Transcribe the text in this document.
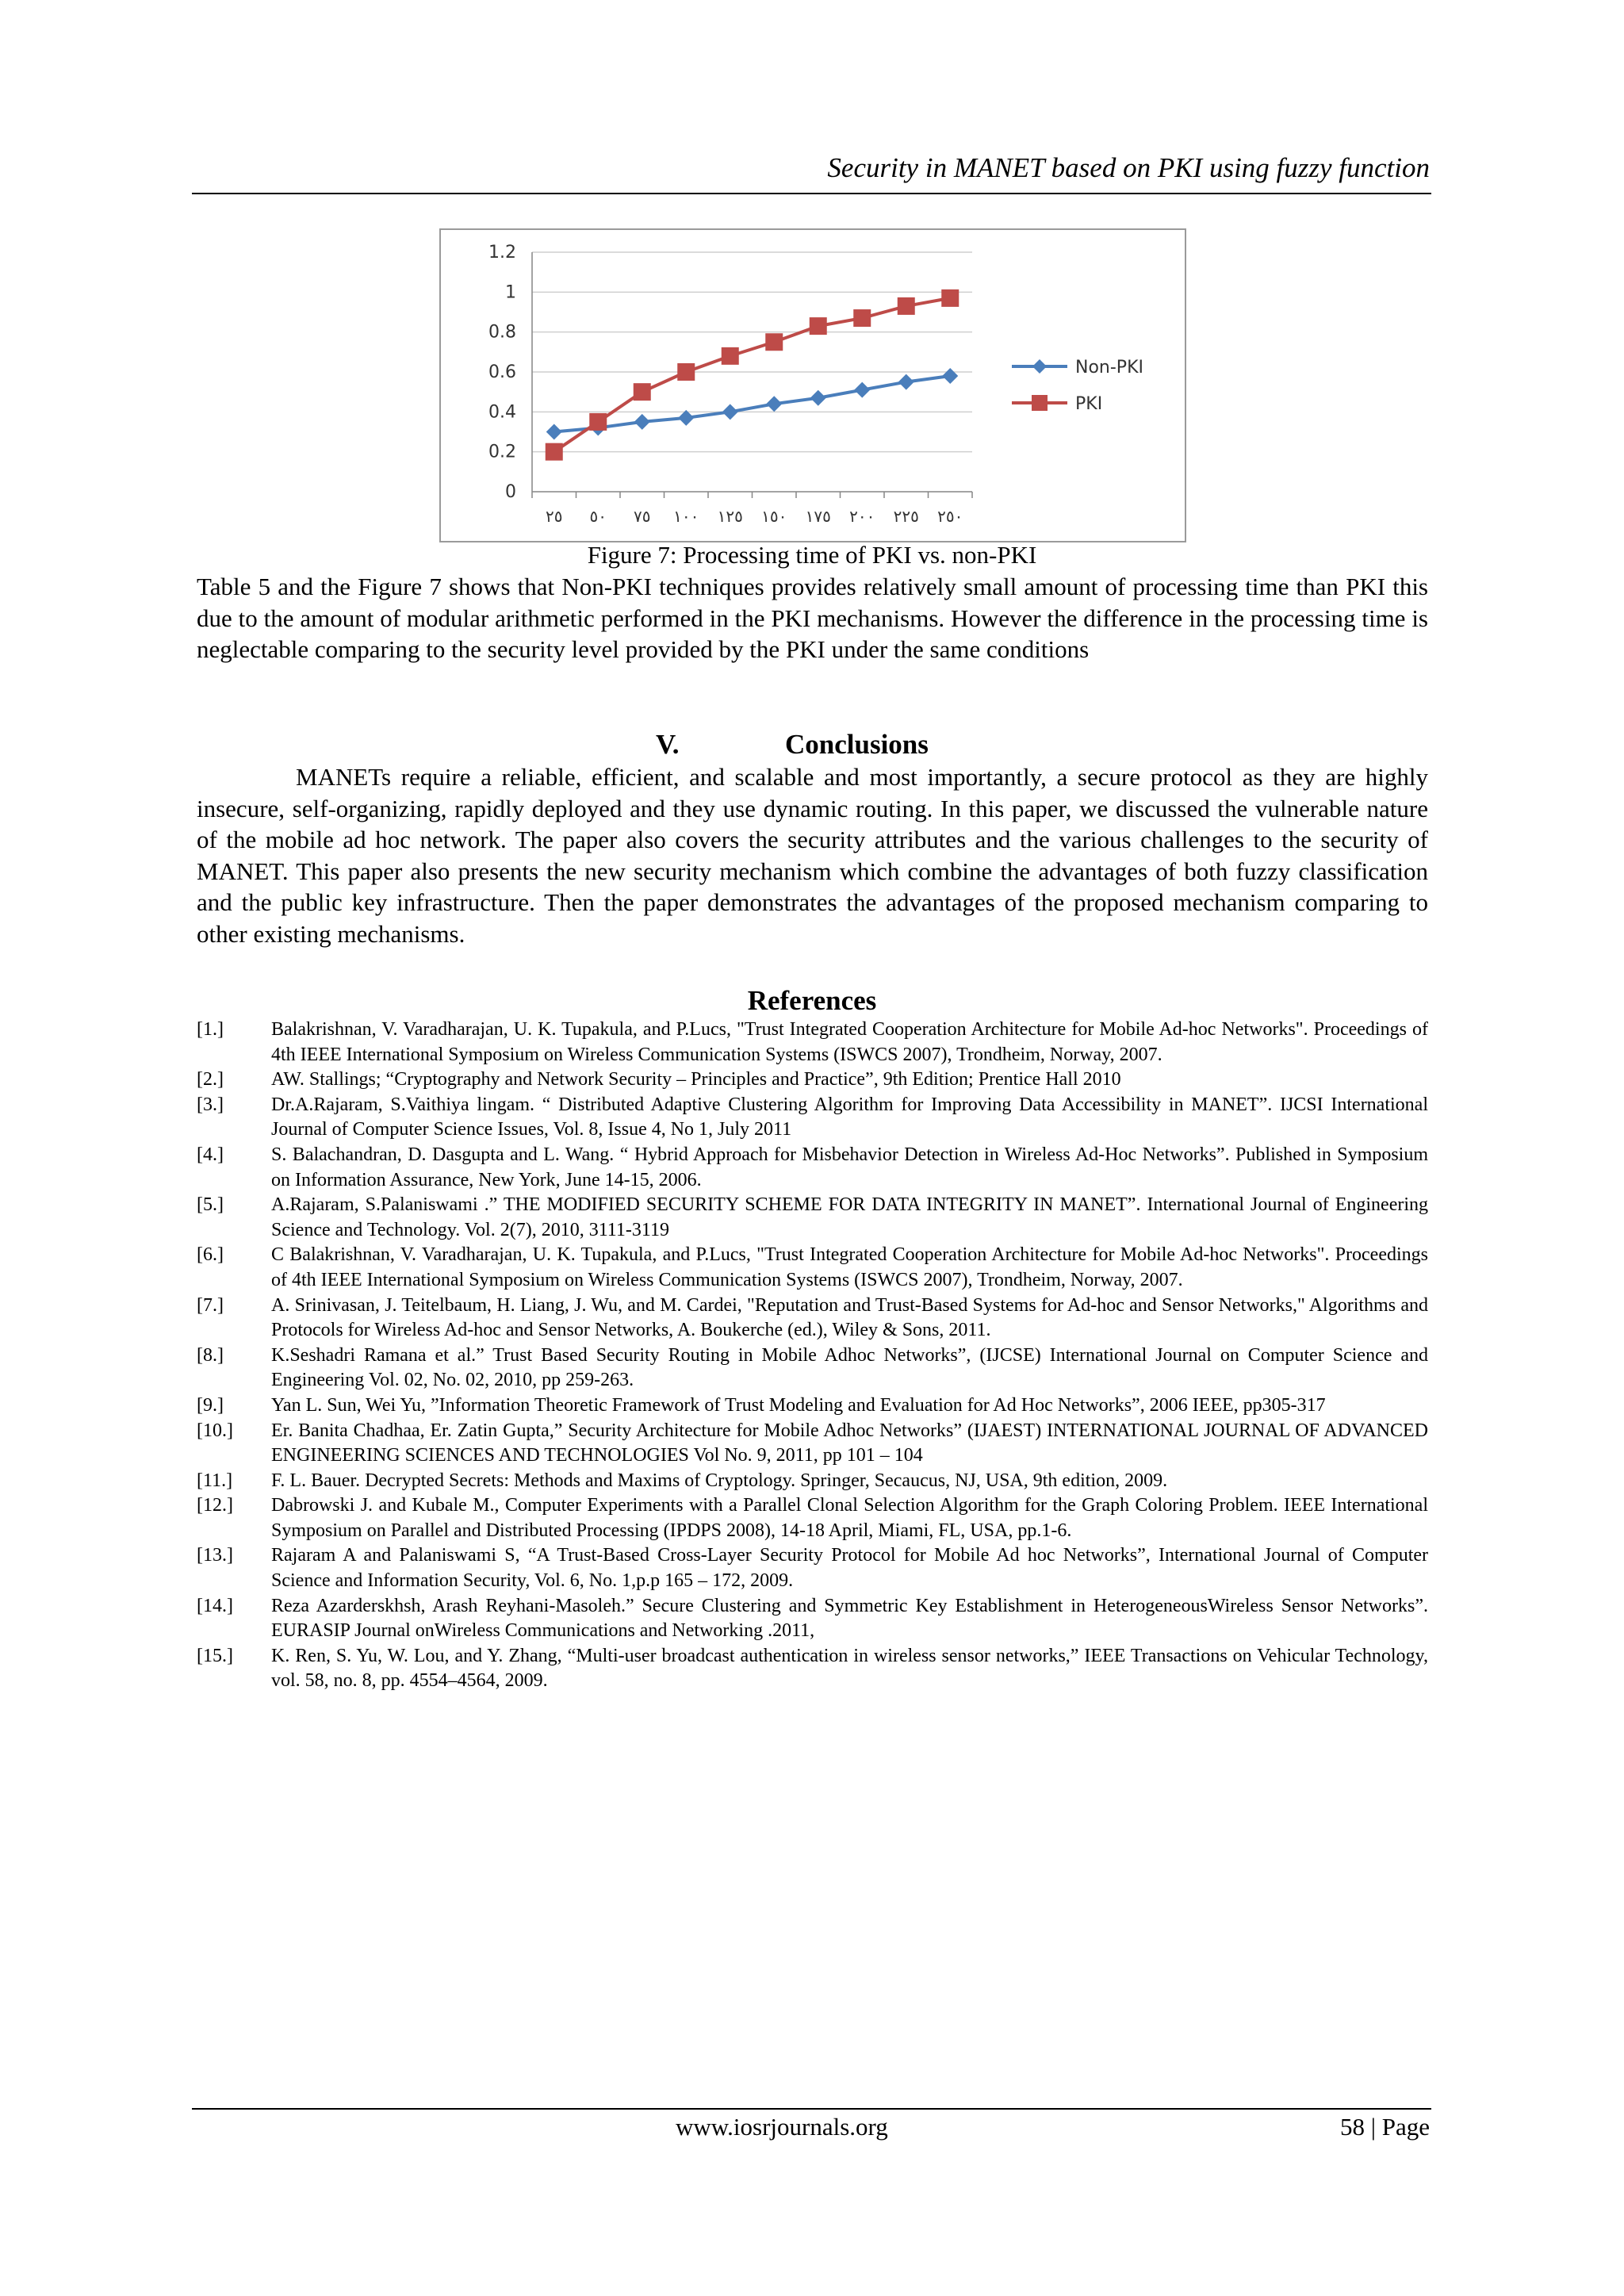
Security in MANET based on PKI using fuzzy function
0
0.2
0.4
0.6
0.8
1
1.2
٢٥ ٥٠ ٧٥ ١٠٠ ١٢٥ ١٥٠ ١٧٥ ٢٠٠ ٢٢٥ ٢٥٠
Non-PKI
PKI
Figure 7: Processing time of PKI vs. non-PKI
Table 5 and the Figure 7 shows that Non-PKI techniques provides relatively small amount of processing time than PKI this due to the amount of modular arithmetic performed in the PKI mechanisms. However the difference in the processing time is neglectable comparing to the security level provided by the PKI under the same conditions
V.	Conclusions
MANETs require a reliable, efficient, and scalable and most importantly, a secure protocol as they are highly insecure, self-organizing, rapidly deployed and they use dynamic routing. In this paper, we discussed the vulnerable nature of the mobile ad hoc network. The paper also covers the security attributes and the various challenges to the security of MANET. This paper also presents the new security mechanism which combine the advantages of both fuzzy classification and the public key infrastructure. Then the paper demonstrates the advantages of the proposed mechanism comparing to other existing mechanisms.
References
[1.]	Balakrishnan, V. Varadharajan, U. K. Tupakula, and P.Lucs, "Trust Integrated Cooperation Architecture for Mobile Ad-hoc Networks". Proceedings of 4th IEEE International Symposium on Wireless Communication Systems (ISWCS 2007), Trondheim, Norway, 2007.
[2.]	AW. Stallings; “Cryptography and Network Security – Principles and Practice”, 9th Edition; Prentice Hall 2010
[3.]	Dr.A.Rajaram, S.Vaithiya lingam. “ Distributed Adaptive Clustering Algorithm for Improving Data Accessibility in MANET”. IJCSI International Journal of Computer Science Issues, Vol. 8, Issue 4, No 1, July 2011
[4.]	S. Balachandran, D. Dasgupta and L. Wang. “ Hybrid Approach for Misbehavior Detection in Wireless Ad-Hoc Networks”. Published in Symposium on Information Assurance, New York, June 14-15, 2006.
[5.]	A.Rajaram, S.Palaniswami .” THE MODIFIED SECURITY SCHEME FOR DATA INTEGRITY IN MANET”. International Journal of Engineering Science and Technology. Vol. 2(7), 2010, 3111-3119
[6.]	C Balakrishnan, V. Varadharajan, U. K. Tupakula, and P.Lucs, "Trust Integrated Cooperation Architecture for Mobile Ad-hoc Networks". Proceedings of 4th IEEE International Symposium on Wireless Communication Systems (ISWCS 2007), Trondheim, Norway, 2007.
[7.]	A. Srinivasan, J. Teitelbaum, H. Liang, J. Wu, and M. Cardei, "Reputation and Trust-Based Systems for Ad-hoc and Sensor Networks," Algorithms and Protocols for Wireless Ad-hoc and Sensor Networks, A. Boukerche (ed.), Wiley & Sons, 2011.
[8.]	K.Seshadri Ramana et al.” Trust Based Security Routing in Mobile Adhoc Networks”, (IJCSE) International Journal on Computer Science and Engineering Vol. 02, No. 02, 2010, pp 259-263.
[9.]	Yan L. Sun, Wei Yu, ”Information Theoretic Framework of Trust Modeling and Evaluation for Ad Hoc Networks”, 2006 IEEE, pp305-317
[10.]	Er. Banita Chadhaa, Er. Zatin Gupta,” Security Architecture for Mobile Adhoc Networks” (IJAEST) INTERNATIONAL JOURNAL OF ADVANCED ENGINEERING SCIENCES AND TECHNOLOGIES Vol No. 9, 2011, pp 101 – 104
[11.]	F. L. Bauer. Decrypted Secrets: Methods and Maxims of Cryptology. Springer, Secaucus, NJ, USA, 9th edition, 2009.
[12.]	Dabrowski J. and Kubale M., Computer Experiments with a Parallel Clonal Selection Algorithm for the Graph Coloring Problem. IEEE International Symposium on Parallel and Distributed Processing (IPDPS 2008), 14-18 April, Miami, FL, USA, pp.1-6.
[13.]	Rajaram A and Palaniswami S, “A Trust-Based Cross-Layer Security Protocol for Mobile Ad hoc Networks”, International Journal of Computer Science and Information Security, Vol. 6, No. 1,p.p 165 – 172, 2009.
[14.]	Reza Azarderskhsh, Arash Reyhani-Masoleh.” Secure Clustering and Symmetric Key Establishment in HeterogeneousWireless Sensor Networks”. EURASIP Journal onWireless Communications and Networking .2011,
[15.]	K. Ren, S. Yu, W. Lou, and Y. Zhang, “Multi-user broadcast authentication in wireless sensor networks,” IEEE Transactions on Vehicular Technology, vol. 58, no. 8, pp. 4554–4564, 2009.
www.iosrjournals.org	58 | Page
